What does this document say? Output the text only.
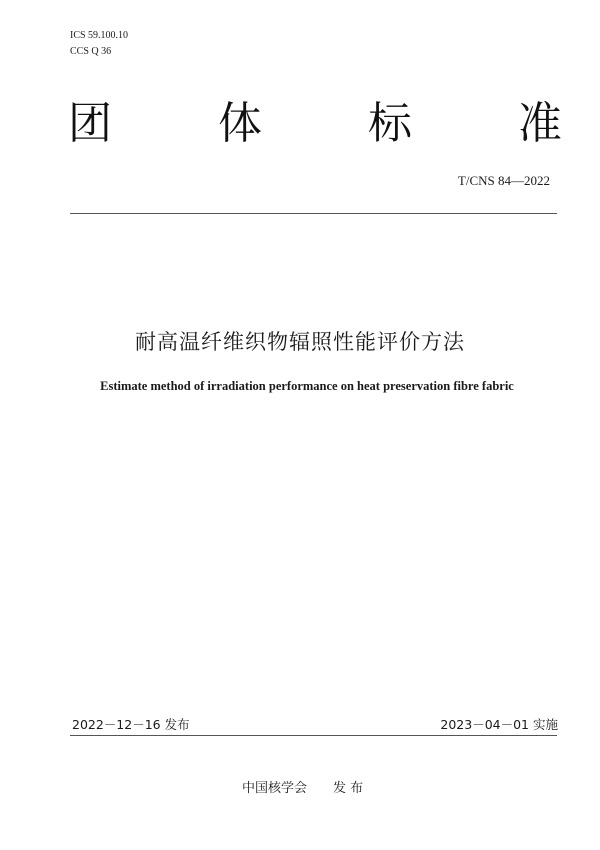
ICS 59.100.10
CCS Q 36
团 体 标 准
T/CNS 84—2022
耐高温纤维织物辐照性能评价方法
Estimate method of irradiation performance on heat preservation fibre fabric
2022－12－16 发布	2023－04－01 实施
中国核学会 发 布
